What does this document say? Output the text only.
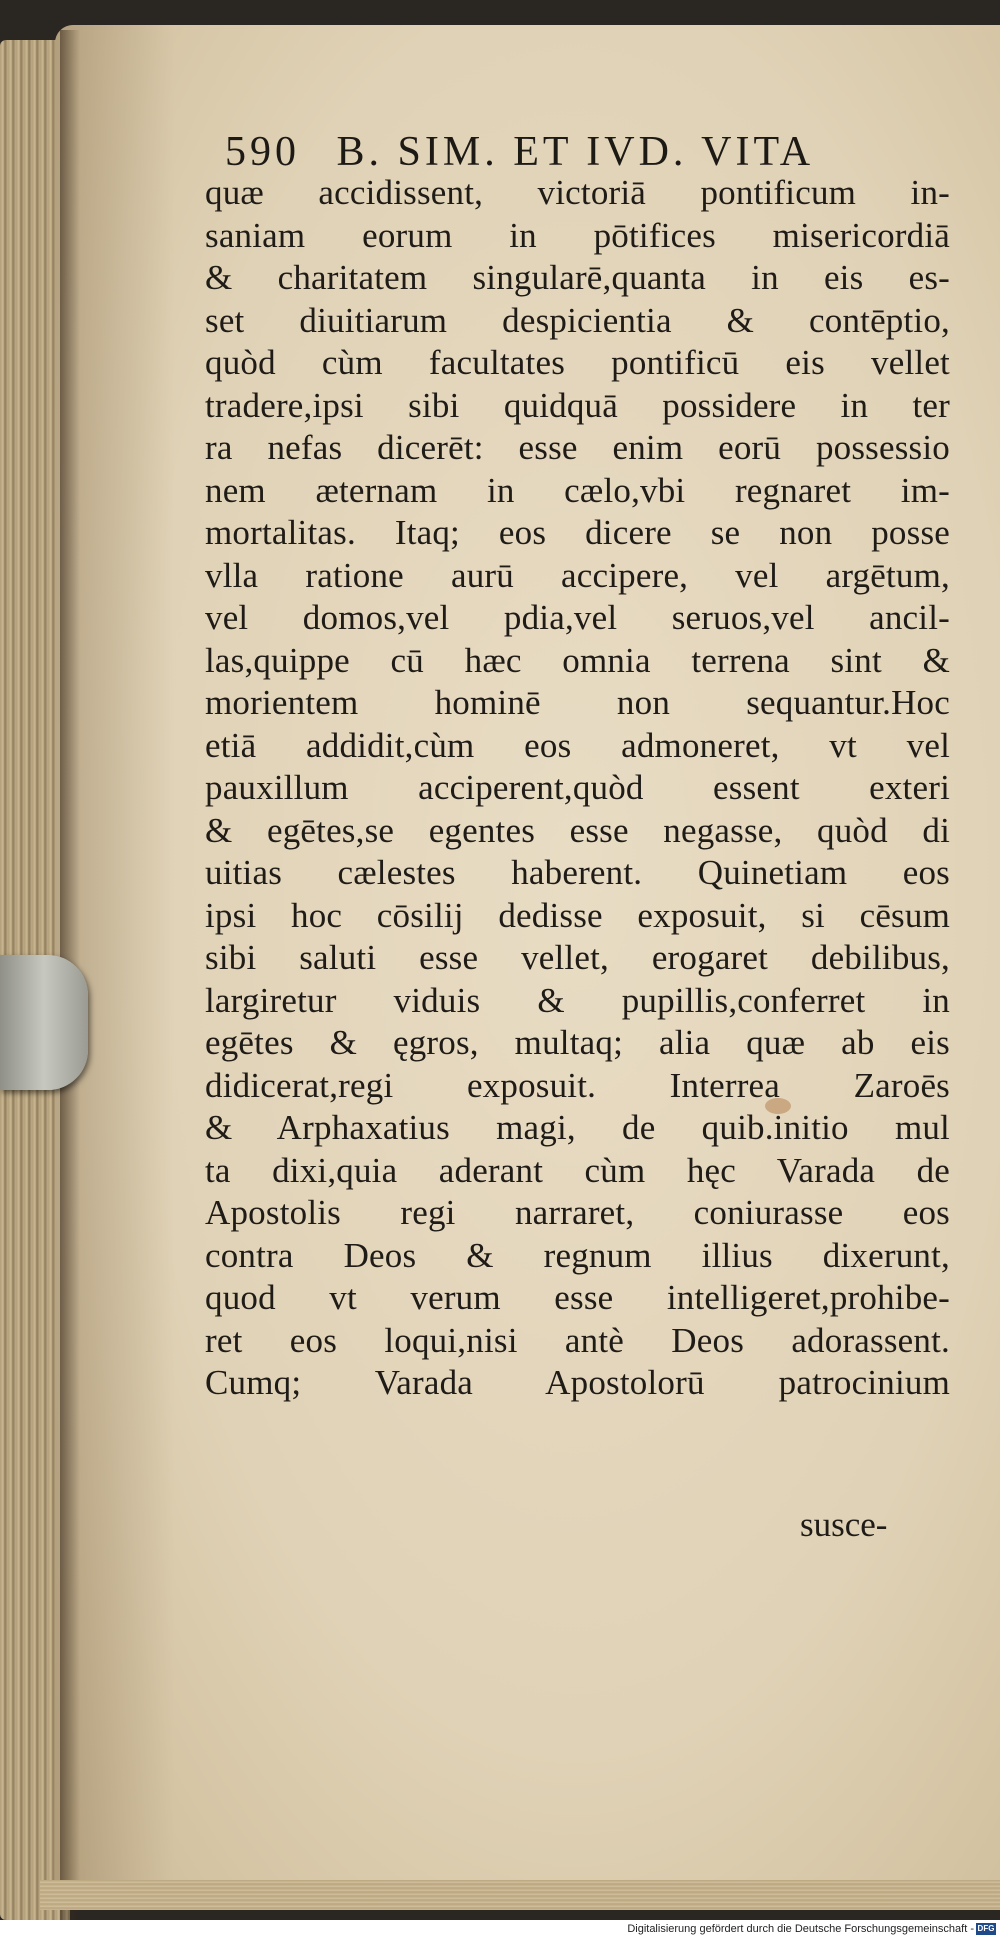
590 B. SIM. ET IVD. VITA
quæ accidissent, victoriā pontificum in-
saniam eorum in pōtifices misericordiā
& charitatem singularē,quanta in eis es-
set diuitiarum despicientia & contēptio,
quòd cùm facultates pontificū eis vellet
tradere,ipsi sibi quidquā possidere in ter
ra nefas dicerēt: esse enim eorū possessio
nem æternam in cælo,vbi regnaret im-
mortalitas. Itaq; eos dicere se non posse
vlla ratione aurū accipere, vel argētum,
vel domos,vel pdia,vel seruos,vel ancil-
las,quippe cū hæc omnia terrena sint &
morientem hominē non sequantur.Hoc
etiā addidit,cùm eos admoneret, vt vel
pauxillum acciperent,quòd essent exteri
& egētes,se egentes esse negasse, quòd di
uitias cælestes haberent. Quinetiam eos
ipsi hoc cōsilij dedisse exposuit, si cēsum
sibi saluti esse vellet, erogaret debilibus,
largiretur viduis & pupillis,conferret in
egētes & ęgros, multaq; alia quæ ab eis
didicerat,regi exposuit. Interrea Zaroēs
& Arphaxatius magi, de quib.initio mul
ta dixi,quia aderant cùm hęc Varada de
Apostolis regi narraret, coniurasse eos
contra Deos & regnum illius dixerunt,
quod vt verum esse intelligeret,prohibe-
ret eos loqui,nisi antè Deos adorassent.
Cumq; Varada Apostolorū patrocinium
susce-
Digitalisierung gefördert durch die Deutsche Forschungsgemeinschaft - DFG
